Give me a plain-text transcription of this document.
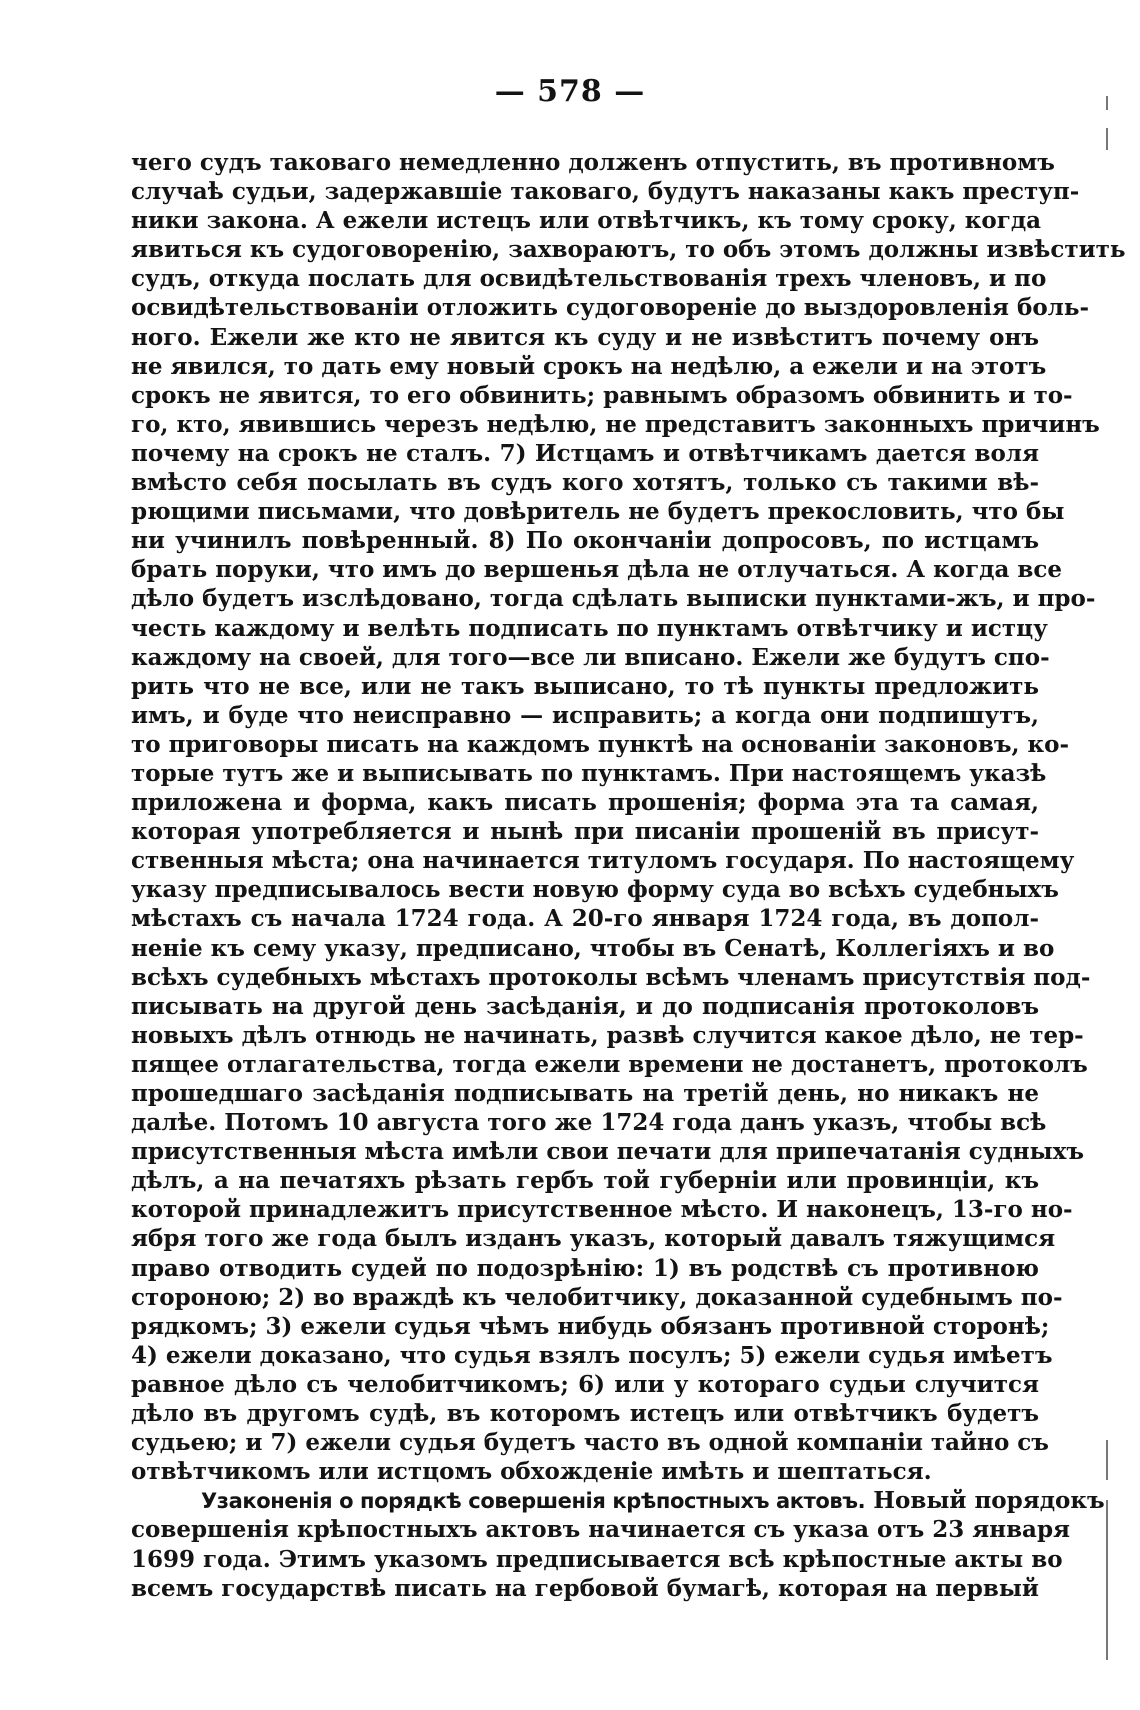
— 578 —
чего судъ таковаго немедленно долженъ отпустить, въ противномъ
случаѣ судьи, задержавшіе таковаго, будутъ наказаны какъ преступ-
ники закона. А ежели истецъ или отвѣтчикъ, къ тому сроку, когда
явиться къ судоговоренію, захвораютъ, то объ этомъ должны извѣстить
судъ, откуда послать для освидѣтельствованія трехъ членовъ, и по
освидѣтельствованіи отложить судоговореніе до выздоровленія боль-
ного. Ежели же кто не явится къ суду и не извѣститъ почему онъ
не явился, то дать ему новый срокъ на недѣлю, а ежели и на этотъ
срокъ не явится, то его обвинить; равнымъ образомъ обвинить и то-
го, кто, явившись черезъ недѣлю, не представитъ законныхъ причинъ
почему на срокъ не сталъ. 7) Истцамъ и отвѣтчикамъ дается воля
вмѣсто себя посылать въ судъ кого хотятъ, только съ такими вѣ-
рющими письмами, что довѣритель не будетъ прекословить, что бы
ни учинилъ повѣренный. 8) По окончаніи допросовъ, по истцамъ
брать поруки, что имъ до вершенья дѣла не отлучаться. А когда все
дѣло будетъ изслѣдовано, тогда сдѣлать выписки пунктами-жъ, и про-
честь каждому и велѣть подписать по пунктамъ отвѣтчику и истцу
каждому на своей, для того—все ли вписано. Ежели же будутъ спо-
рить что не все, или не такъ выписано, то тѣ пункты предложить
имъ, и буде что неисправно — исправить; а когда они подпишутъ,
то приговоры писать на каждомъ пунктѣ на основаніи законовъ, ко-
торые тутъ же и выписывать по пунктамъ. При настоящемъ указѣ
приложена и форма, какъ писать прошенія; форма эта та самая,
которая употребляется и нынѣ при писаніи прошеній въ присут-
ственныя мѣста; она начинается титуломъ государя. По настоящему
указу предписывалось вести новую форму суда во всѣхъ судебныхъ
мѣстахъ съ начала 1724 года. А 20-го января 1724 года, въ допол-
неніе къ сему указу, предписано, чтобы въ Сенатѣ, Коллегіяхъ и во
всѣхъ судебныхъ мѣстахъ протоколы всѣмъ членамъ присутствія под-
писывать на другой день засѣданія, и до подписанія протоколовъ
новыхъ дѣлъ отнюдь не начинать, развѣ случится какое дѣло, не тер-
пящее отлагательства, тогда ежели времени не достанетъ, протоколъ
прошедшаго засѣданія подписывать на третій день, но никакъ не
далѣе. Потомъ 10 августа того же 1724 года данъ указъ, чтобы всѣ
присутственныя мѣста имѣли свои печати для припечатанія судныхъ
дѣлъ, а на печатяхъ рѣзать гербъ той губерніи или провинціи, къ
которой принадлежитъ присутственное мѣсто. И наконецъ, 13-го но-
ября того же года былъ изданъ указъ, который давалъ тяжущимся
право отводить судей по подозрѣнію: 1) въ родствѣ съ противною
стороною; 2) во враждѣ къ челобитчику, доказанной судебнымъ по-
рядкомъ; 3) ежели судья чѣмъ нибудь обязанъ противной сторонѣ;
4) ежели доказано, что судья взялъ посулъ; 5) ежели судья имѣетъ
равное дѣло съ челобитчикомъ; 6) или у котораго судьи случится
дѣло въ другомъ судѣ, въ которомъ истецъ или отвѣтчикъ будетъ
судьею; и 7) ежели судья будетъ часто въ одной компаніи тайно съ
отвѣтчикомъ или истцомъ обхожденіе имѣть и шептаться.
Узаконенія о порядкѣ совершенія крѣпостныхъ актовъ. Новый порядокъ
совершенія крѣпостныхъ актовъ начинается съ указа отъ 23 января
1699 года. Этимъ указомъ предписывается всѣ крѣпостные акты во
всемъ государствѣ писать на гербовой бумагѣ, которая на первый
